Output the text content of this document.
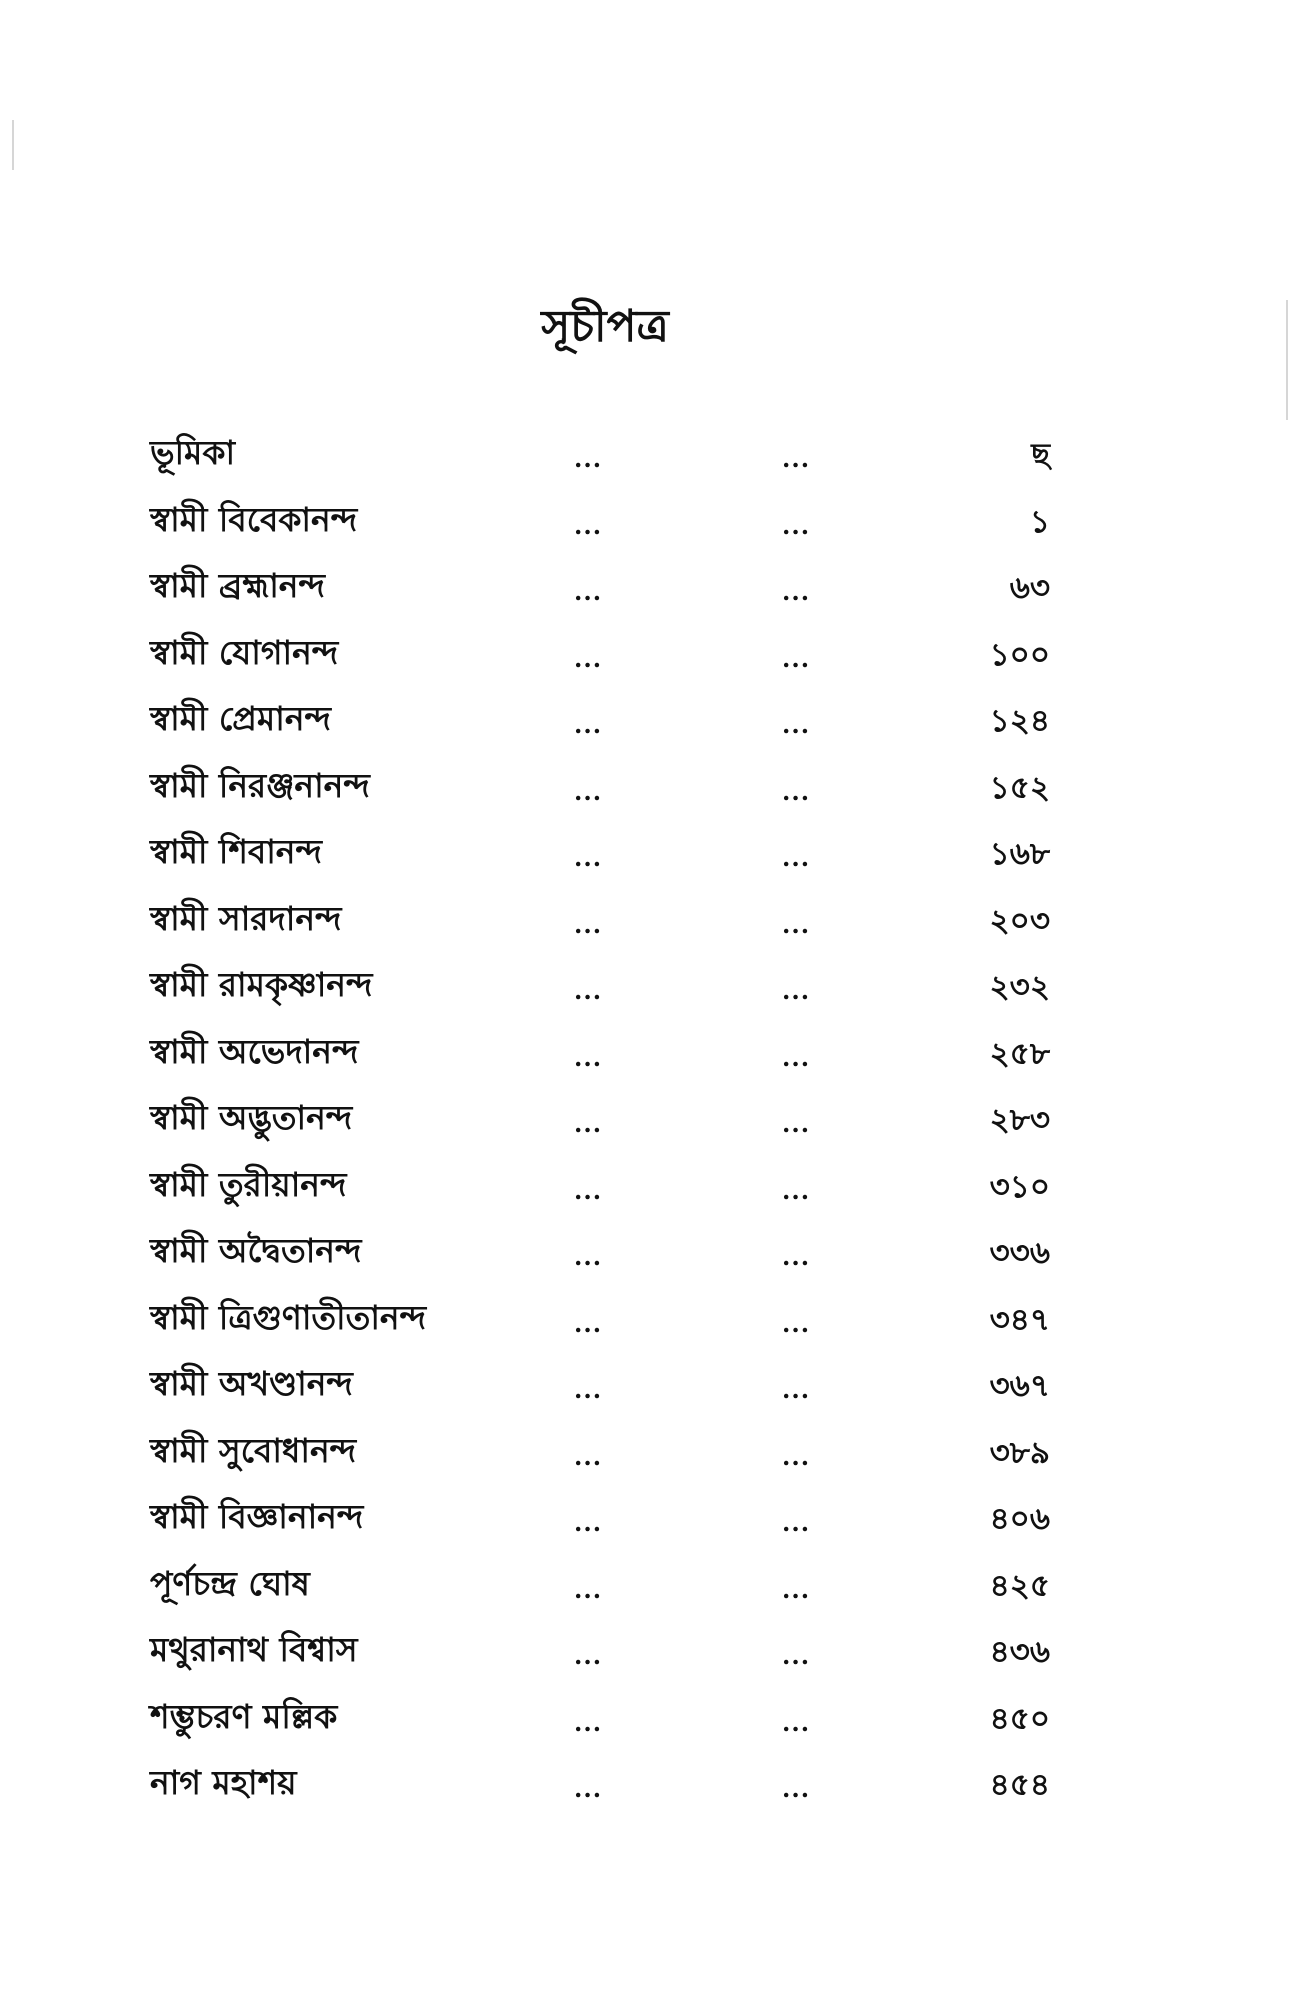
সূচীপত্র
ভূমিকা	...	...	ছ
স্বামী বিবেকানন্দ	...	...	১
স্বামী ব্রহ্মানন্দ	...	...	৬৩
স্বামী যোগানন্দ	...	...	১০০
স্বামী প্রেমানন্দ	...	...	১২৪
স্বামী নিরঞ্জনানন্দ	...	...	১৫২
স্বামী শিবানন্দ	...	...	১৬৮
স্বামী সারদানন্দ	...	...	২০৩
স্বামী রামকৃষ্ণানন্দ	...	...	২৩২
স্বামী অভেদানন্দ	...	...	২৫৮
স্বামী অদ্ভুতানন্দ	...	...	২৮৩
স্বামী তুরীয়ানন্দ	...	...	৩১০
স্বামী অদ্বৈতানন্দ	...	...	৩৩৬
স্বামী ত্রিগুণাতীতানন্দ	...	...	৩৪৭
স্বামী অখণ্ডানন্দ	...	...	৩৬৭
স্বামী সুবোধানন্দ	...	...	৩৮৯
স্বামী বিজ্ঞানানন্দ	...	...	৪০৬
পূর্ণচন্দ্র ঘোষ	...	...	৪২৫
মথুরানাথ বিশ্বাস	...	...	৪৩৬
শম্ভুচরণ মল্লিক	...	...	৪৫০
নাগ মহাশয়	...	...	৪৫৪
